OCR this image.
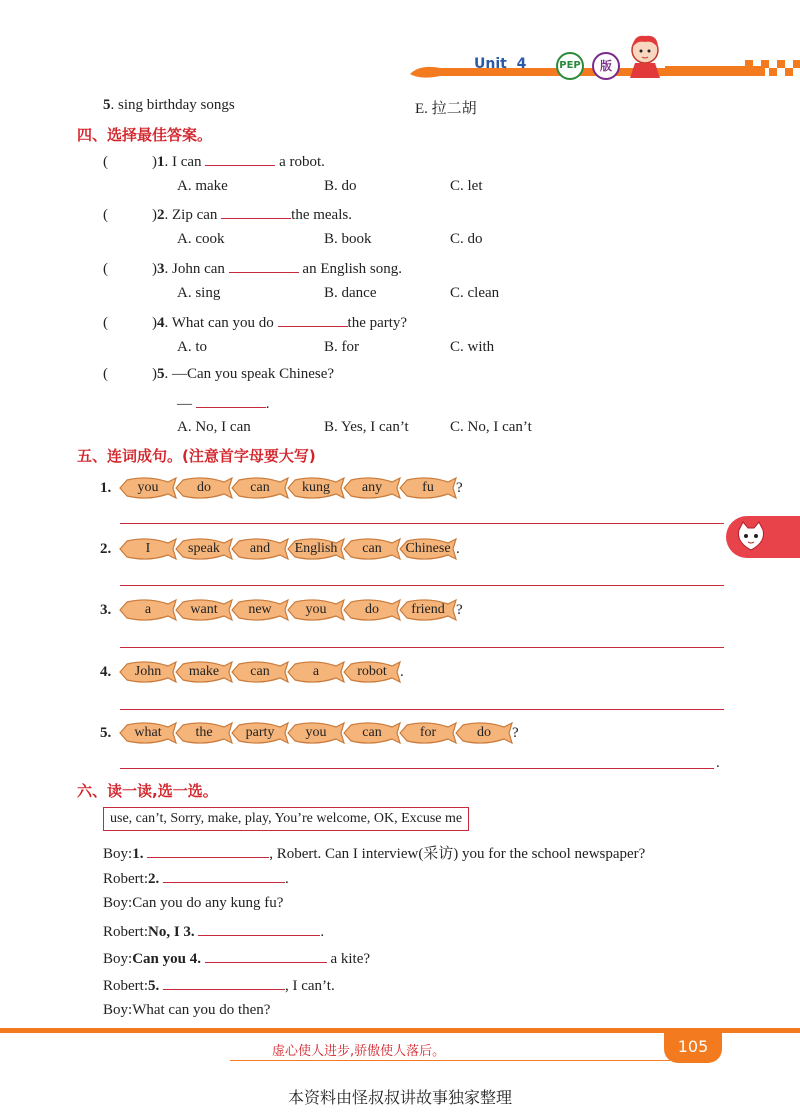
Unit 4	PEP	版
5. sing birthday songs	E. 拉二胡
四、选择最佳答案。
(	)1. I can	a robot.
A. make	B. do	C. let
(	)2. Zip can	the meals.
A. cook	B. book	C. do
(	)3. John can	an English song.
A. sing	B. dance	C. clean
(	)4. What can you do	the party?
A. to	B. for	C. with
(	)5. —Can you speak Chinese?
—	.
A. No, I can	B. Yes, I can’t	C. No, I can’t
五、连词成句。(注意首字母要大写)
1.	you	do	can	kung	any	fu	?
2.	I	speak	and	English	can	Chinese .
3.	a	want	new	you	do	friend ?
4.	John	make	can	a	robot .
5.	what	the	party	you	can	for	do	?
.
六、读一读,选一选。
use, can’t, Sorry, make, play, You’re welcome, OK, Excuse me
Boy:1.	, Robert. Can I interview(采访) you for the school newspaper?
Robert:2.	.
Boy:Can you do any kung fu?
Robert:No, I 3.	.
Boy:Can you 4.	a kite?
Robert:5.	, I can’t.
Boy:What can you do then?
虚心使人进步,骄傲使人落后。	105
本资料由怪叔叔讲故事独家整理
